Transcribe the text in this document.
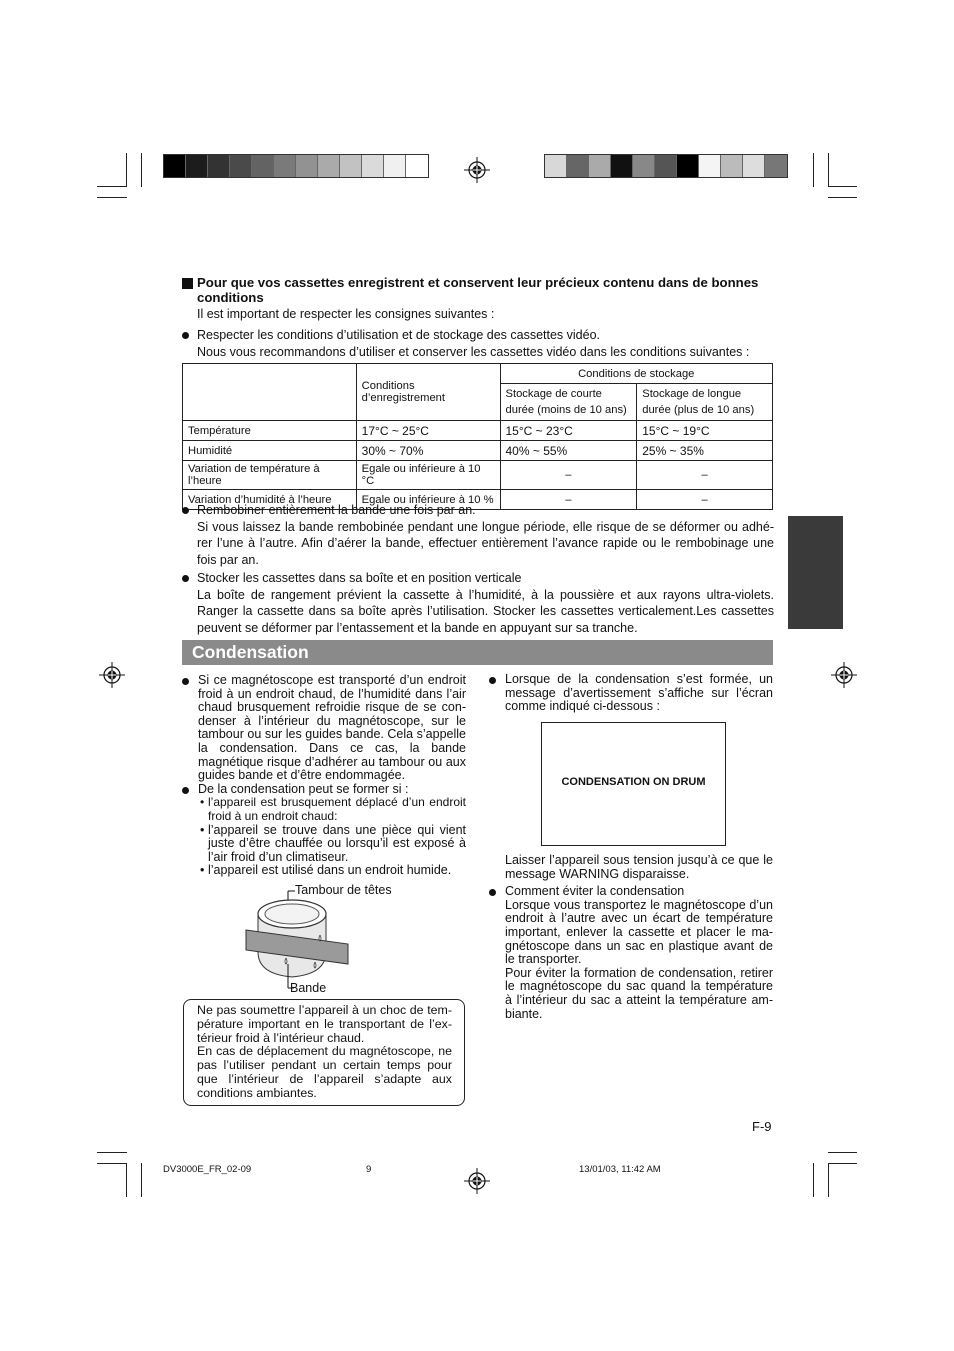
Pour que vos cassettes enregistrent et conservent leur précieux contenu dans de bonnes conditions
Il est important de respecter les consignes suivantes :
Respecter les conditions d’utilisation et de stockage des cassettes vidéo.
Nous vous recommandons d’utiliser et conserver les cassettes vidéo dans les conditions suivantes :
	Conditions d’enregistrement	Conditions de stockage	
		Stockage de courte durée (moins de 10 ans)	Stockage de longue durée (plus de 10 ans)

Température	17°C ~ 25°C	15°C ~ 23°C	15°C ~ 19°C
Humidité	30% ~ 70%	40% ~ 55%	25% ~ 35%
Variation de température à l’heure	Egale ou inférieure à 10 °C	–	–
Variation d’humidité à l’heure	Egale ou inférieure à 10 %	–	–
Rembobiner entièrement la bande une fois par an.
Si vous laissez la bande rembobinée pendant une longue période, elle risque de se déformer ou adhérer l’une à l’autre. Afin d’aérer la bande, effectuer entièrement l’avance rapide ou le rembobinage une fois par an.
Stocker les cassettes dans sa boîte et en position verticale
La boîte de rangement prévient la cassette à l’humidité, à la poussière et aux rayons ultra-violets. Ranger la cassette dans sa boîte après l’utilisation. Stocker les cassettes verticalement.Les cassettes peuvent se déformer par l’entassement et la bande en appuyant sur sa tranche.
Condensation
Si ce magnétoscope est transporté d’un endroit froid à un endroit chaud, de l’humidité dans l’air chaud brusquement refroidie risque de se condenser à l’intérieur du magnétoscope, sur le tambour ou sur les guides bande. Cela s’appelle la condensation. Dans ce cas, la bande magnétique risque d’adhérer au tambour ou aux guides bande et d’être endommagée.
De la condensation peut se former si :
• l’appareil est brusquement déplacé d’un endroit froid à un endroit chaud:
• l’appareil se trouve dans une pièce qui vient juste d’être chauffée ou lorsqu’il est exposé à l’air froid d’un climatiseur.
• l’appareil est utilisé dans un endroit humide.
Tambour de têtes
Bande
Ne pas soumettre l’appareil à un choc de température important en le transportant de l’extérieur froid à l’intérieur chaud.
En cas de déplacement du magnétoscope, ne pas l’utiliser pendant un certain temps pour que l’intérieur de l’appareil s’adapte aux conditions ambiantes.
Lorsque de la condensation s’est formée, un message d’avertissement s’affiche sur l’écran comme indiqué ci-dessous :
CONDENSATION ON DRUM
Laisser l’appareil sous tension jusqu’à ce que le message WARNING disparaisse.
Comment éviter la condensation
Lorsque vous transportez le magnétoscope d’un endroit à l’autre avec un écart de température important, enlever la cassette et placer le magnétoscope dans un sac en plastique avant de le transporter.
Pour éviter la formation de condensation, retirer le magnétoscope du sac quand la température à l’intérieur du sac a atteint la température ambiante.
F-9
DV3000E_FR_02-09	9	13/01/03, 11:42 AM
